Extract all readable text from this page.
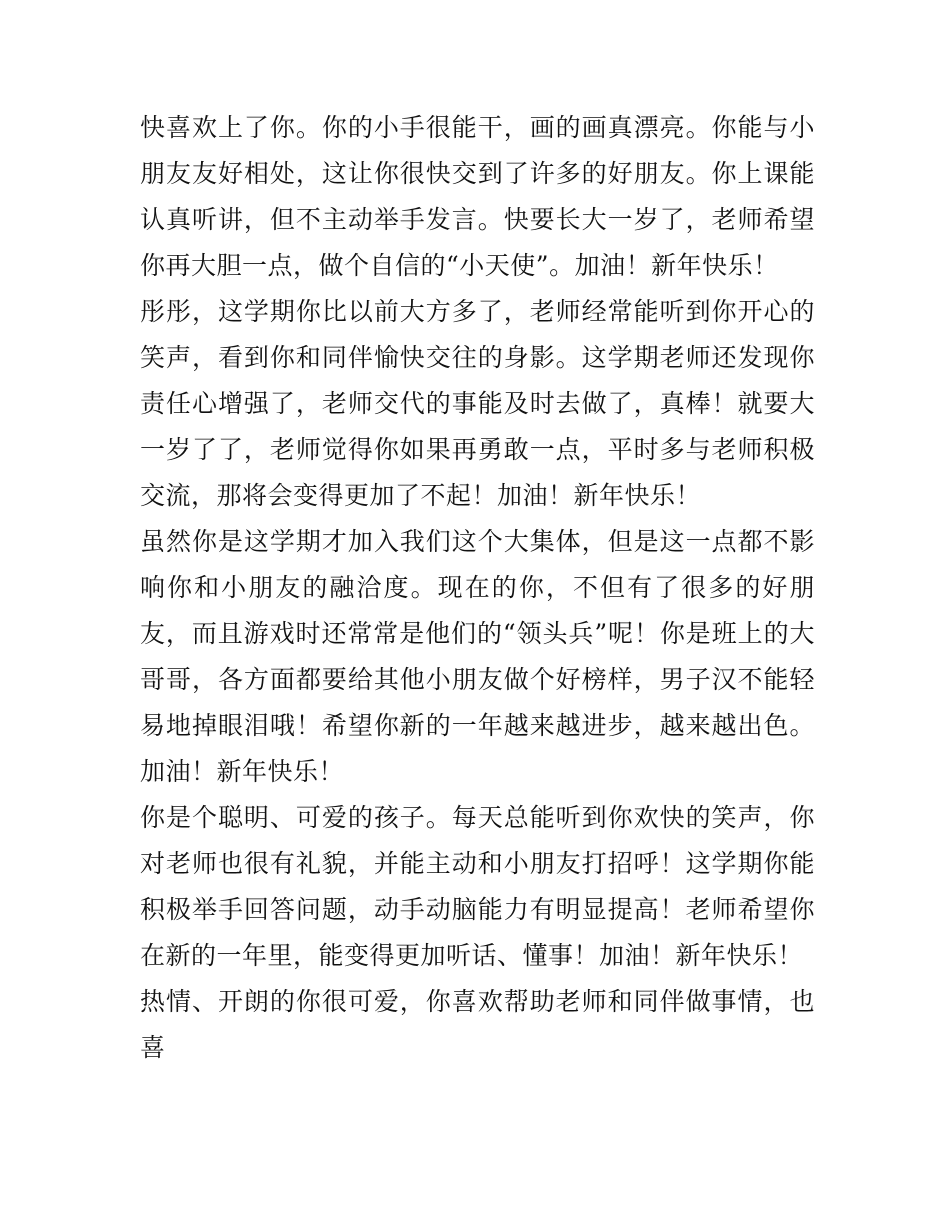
快喜欢上了你。你的小手很能干，画的画真漂亮。你能与小朋友友好相处，这让你很快交到了许多的好朋友。你上课能认真听讲，但不主动举手发言。快要长大一岁了，老师希望你再大胆一点，做个自信的“小天使”。加油！新年快乐！

彤彤，这学期你比以前大方多了，老师经常能听到你开心的笑声，看到你和同伴愉快交往的身影。这学期老师还发现你责任心增强了，老师交代的事能及时去做了，真棒！就要大一岁了了，老师觉得你如果再勇敢一点，平时多与老师积极交流，那将会变得更加了不起！加油！新年快乐！

虽然你是这学期才加入我们这个大集体，但是这一点都不影响你和小朋友的融洽度。现在的你，不但有了很多的好朋友，而且游戏时还常常是他们的“领头兵”呢！你是班上的大哥哥，各方面都要给其他小朋友做个好榜样，男子汉不能轻易地掉眼泪哦！希望你新的一年越来越进步，越来越出色。加油！新年快乐！

你是个聪明、可爱的孩子。每天总能听到你欢快的笑声，你对老师也很有礼貌，并能主动和小朋友打招呼！这学期你能积极举手回答问题，动手动脑能力有明显提高！老师希望你在新的一年里，能变得更加听话、懂事！加油！新年快乐！

热情、开朗的你很可爱，你喜欢帮助老师和同伴做事情，也喜
